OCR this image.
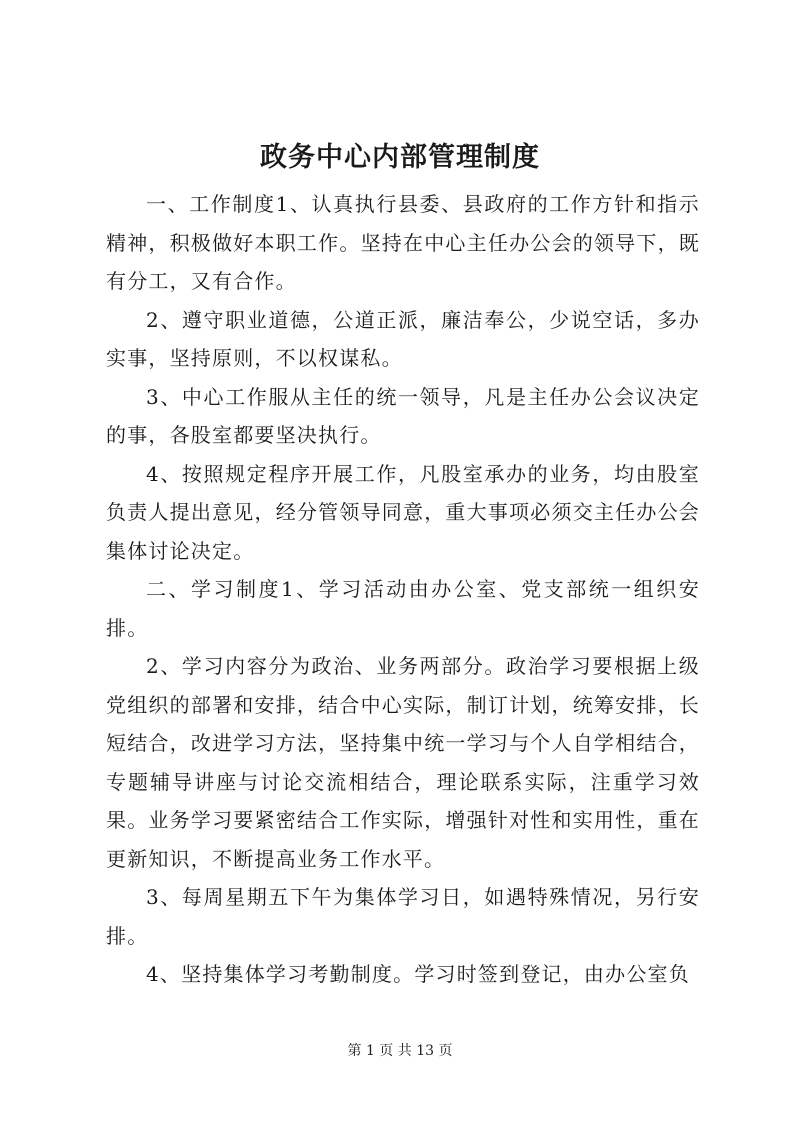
政务中心内部管理制度

一、工作制度1、认真执行县委、县政府的工作方针和指示精神，积极做好本职工作。坚持在中心主任办公会的领导下，既有分工，又有合作。

2、遵守职业道德，公道正派，廉洁奉公，少说空话，多办实事，坚持原则，不以权谋私。

3、中心工作服从主任的统一领导，凡是主任办公会议决定的事，各股室都要坚决执行。

4、按照规定程序开展工作，凡股室承办的业务，均由股室负责人提出意见，经分管领导同意，重大事项必须交主任办公会集体讨论决定。

二、学习制度1、学习活动由办公室、党支部统一组织安排。

2、学习内容分为政治、业务两部分。政治学习要根据上级党组织的部署和安排，结合中心实际，制订计划，统筹安排，长短结合，改进学习方法，坚持集中统一学习与个人自学相结合，专题辅导讲座与讨论交流相结合，理论联系实际，注重学习效果。业务学习要紧密结合工作实际，增强针对性和实用性，重在更新知识，不断提高业务工作水平。

3、每周星期五下午为集体学习日，如遇特殊情况，另行安排。

4、坚持集体学习考勤制度。学习时签到登记，由办公室负

第 1 页 共 13 页
